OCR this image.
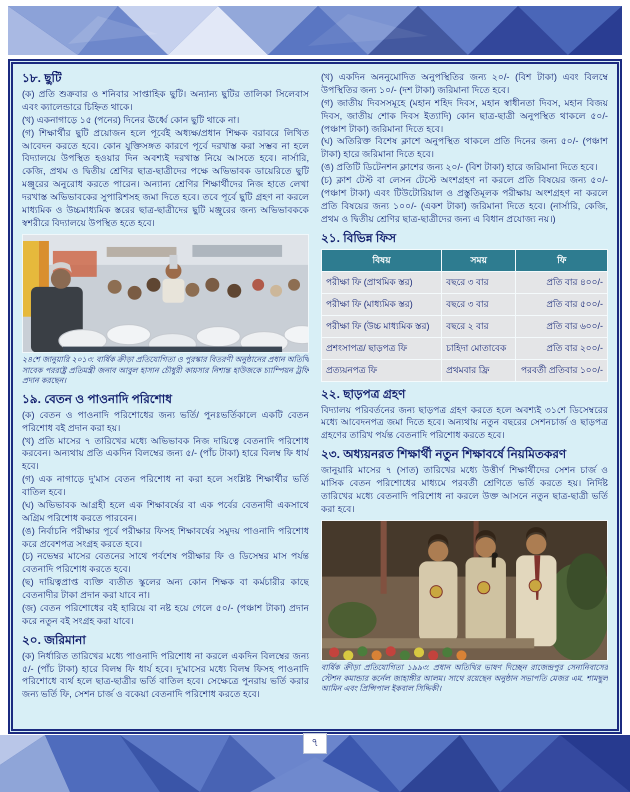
১৮. ছুটি

(ক) প্রতি শুক্রবার ও শনিবার সাপ্তাহিক ছুটি। অন্যান্য ছুটির তালিকা সিলেবাস এবং ক্যালেন্ডারে চিহ্নিত থাকে।

(খ) একনাগাড়ে ১৫ (পনের) দিনের ঊর্ধ্বে কোন ছুটি থাকে না।

(গ) শিক্ষার্থীর ছুটি প্রয়োজন হলে পূর্বেই অধ্যক্ষ/প্রধান শিক্ষক বরাবরে লিখিত আবেদন করতে হবে। কোন যুক্তিসঙ্গত কারণে পূর্বে দরখাস্ত করা সম্ভব না হলে বিদ্যালয়ে উপস্থিত হওয়ার দিন অবশ্যই দরখাস্ত নিয়ে আসতে হবে। নার্সারি, কেজি, প্রথম ও দ্বিতীয় শ্রেণির ছাত্র-ছাত্রীদের পক্ষে অভিভাবক ডায়েরিতে ছুটি মঞ্জুরের অনুরোধ করতে পারেন। অন্যান্য শ্রেণির শিক্ষার্থীদের নিজ হাতে লেখা দরখাস্ত অভিভাবকের সুপারিশসহ জমা দিতে হবে। তবে পূর্বে ছুটি গ্রহণ না করলে মাধ্যমিক ও উচ্চমাধ্যমিক স্তরের ছাত্র-ছাত্রীদের ছুটি মঞ্জুরের জন্য অভিভাবককে স্বশরীরে বিদ্যালয়ে উপস্থিত হতে হবে।

২৪শে জানুয়ারি ২০১৩: বার্ষিক ক্রীড়া প্রতিযোগিতা ও পুরস্কার বিতরণী অনুষ্ঠানের প্রধান অতিথি সাবেক পররাষ্ট্র প্রতিমন্ত্রী জনাব আবুল হাসান চৌধুরী কায়সার নিশান্ত হাউজকে চ্যাম্পিয়ন ট্রফি প্রদান করছেন।
১৯. বেতন ও পাওনাদি পরিশোধ

(ক) বেতন ও পাওনাদি পরিশোধের জন্য ভর্তি/ পুনঃভর্তিকালে একটি বেতন পরিশোধ বই প্রদান করা হয়।

(খ) প্রতি মাসের ৭ তারিখের মধ্যে অভিভাবক নিজ দায়িত্বে বেতনাদি পরিশোধ করবেন। অন্যথায় প্রতি একদিন বিলম্বের জন্য ৫/- (পাঁচ টাকা) হারে বিলম্ব ফি ধার্য হবে।

(গ) এক নাগাড়ে দু’মাস বেতন পরিশোধ না করা হলে সংশ্লিষ্ট শিক্ষার্থীর ভর্তি বাতিল হবে।

(ঘ) অভিভাবক আগ্রহী হলে এক শিক্ষাবর্ষের বা এক পর্বের বেতনাদী একসাথে অগ্রিম পরিশোধ করতে পারবেন।

(ঙ) নির্বাচনি পরীক্ষার পূর্বে পরীক্ষার ফিসহ শিক্ষাবর্ষের সমুদয় পাওনাদি পরিশোধ করে প্রবেশপত্র সংগ্রহ করতে হবে।

(চ) নভেম্বর মাসের বেতনের সাথে পর্বশেষ পরীক্ষার ফি ও ডিসেম্বর মাস পর্যন্ত বেতনাদি পরিশোধ করতে হবে।

(ছ) দায়িত্বপ্রাপ্ত ব্যক্তি ব্যতীত স্কুলের অন্য কোন শিক্ষক বা কর্মচারীর কাছে বেতনাদীর টাকা প্রদান করা যাবে না।

(জ) বেতন পরিশোধের বই হারিয়ে বা নষ্ট হয়ে গেলে ৫০/- (পঞ্চাশ টাকা) প্রদান করে নতুন বই সংগ্রহ করা যাবে।

২০. জরিমানা

(ক) নির্ধারিত তারিখের মধ্যে পাওনাদি পরিশোধ না করলে একদিন বিলম্বের জন্য ৫/- (পাঁচ টাকা) হারে বিলম্ব ফি ধার্য হবে। দু’মাসের মধ্যে বিলম্ব ফিসহ পাওনাদি পরিশোধে ব্যর্থ হলে ছাত্র-ছাত্রীর ভর্তি বাতিল হবে। সেক্ষেত্রে পুনরায় ভর্তি করার জন্য ভর্তি ফি, সেশন চার্জ ও বকেয়া বেতনাদি পরিশোধ করতে হবে।

(খ) একদিন অননুমোদিত অনুপস্থিতির জন্য ২০/- (বিশ টাকা) এবং বিলম্বে উপস্থিতির জন্য ১০/- (দশ টাকা) জরিমানা দিতে হবে।

(গ) জাতীয় দিবসসমূহে (মহান শহিদ দিবস, মহান স্বাধীনতা দিবস, মহান বিজয় দিবস, জাতীয় শোক দিবস ইত্যাদি) কোন ছাত্র-ছাত্রী অনুপস্থিত থাকলে ৫০/- (পঞ্চাশ টাকা) জরিমানা দিতে হবে।

(ঘ) অতিরিক্ত বিশেষ ক্লাশে অনুপস্থিত থাকলে প্রতি দিনের জন্য ৫০/- (পঞ্চাশ টাকা) হারে জরিমানা দিতে হবে।

(ঙ) প্রতিটি ডিটেনশন ক্লাশের জন্য ২০/- (বিশ টাকা) হারে জরিমানা দিতে হবে।

(চ) ক্লাশ টেস্ট বা লেসন টেস্টে অংশগ্রহণ না করলে প্রতি বিষয়ের জন্য ৫০/- (পঞ্চাশ টাকা) এবং টিউটোরিয়াল ও প্রস্তুতিমূলক পরীক্ষায় অংশগ্রহণ না করলে প্রতি বিষয়ের জন্য ১০০/- (একশ টাকা) জরিমানা দিতে হবে। (নার্সারি, কেজি, প্রথম ও দ্বিতীয় শ্রেণির ছাত্র-ছাত্রীদের জন্য এ বিধান প্রযোজ্য নয়।)

২১. বিভিন্ন ফিস
বিষয়	সময়	ফি
পরীক্ষা ফি (প্রাথমিক স্তর)	বছরে ৩ বার	প্রতি বার ৪০০/-
পরীক্ষা ফি (মাধ্যমিক স্তর)	বছরে ৩ বার	প্রতি বার ৫০০/-
পরীক্ষা ফি (উচ্চ মাধ্যমিক স্তর)	বছরে ২ বার	প্রতি বার ৬০০/-
প্রশংসাপত্র/ ছাড়পত্র ফি	চাহিদা মোতাবেক	প্রতি বার ২০০/-
প্রত্যয়নপত্র ফি	প্রথমবার ফ্রি	পরবর্তী প্রতিবার ১০০/-
২২. ছাড়পত্র গ্রহণ

বিদ্যালয় পরিবর্তনের জন্য ছাড়পত্র গ্রহণ করতে হলে অবশ্যই ৩১শে ডিসেম্বরের মধ্যে আবেদনপত্র জমা দিতে হবে। অন্যথায় নতুন বছরের সেশনচার্জ ও ছাড়পত্র গ্রহণের তারিখ পর্যন্ত বেতনাদি পরিশোধ করতে হবে।

২৩. অধ্যয়নরত শিক্ষার্থী নতুন শিক্ষাবর্ষে নিয়মিতকরণ

জানুয়ারি মাসের ৭ (সাত) তারিখের মধ্যে উত্তীর্ণ শিক্ষার্থীদের সেশন চার্জ ও মাসিক বেতন পরিশোধের মাধ্যমে পরবর্তী শ্রেণিতে ভর্তি করতে হয়। নির্দিষ্ট তারিখের মধ্যে বেতনাদি পরিশোধ না করলে উক্ত আসনে নতুন ছাত্র-ছাত্রী ভর্তি করা হবে।

বার্ষিক ক্রীড়া প্রতিযোগিতা ১৯৯৩: প্রধান অতিথির ভাষণ দিচ্ছেন রাজেন্দ্রপুর সেনানিবাসের স্টেশন কমান্ডার কর্নেল জাহাঙ্গীর আলম। সাথে রয়েছেন অনুষ্ঠান সভাপতি মেজর এম. শামছুল আমিন এবং প্রিন্সিপাল ইকবাল সিদ্দিকী।
৭
